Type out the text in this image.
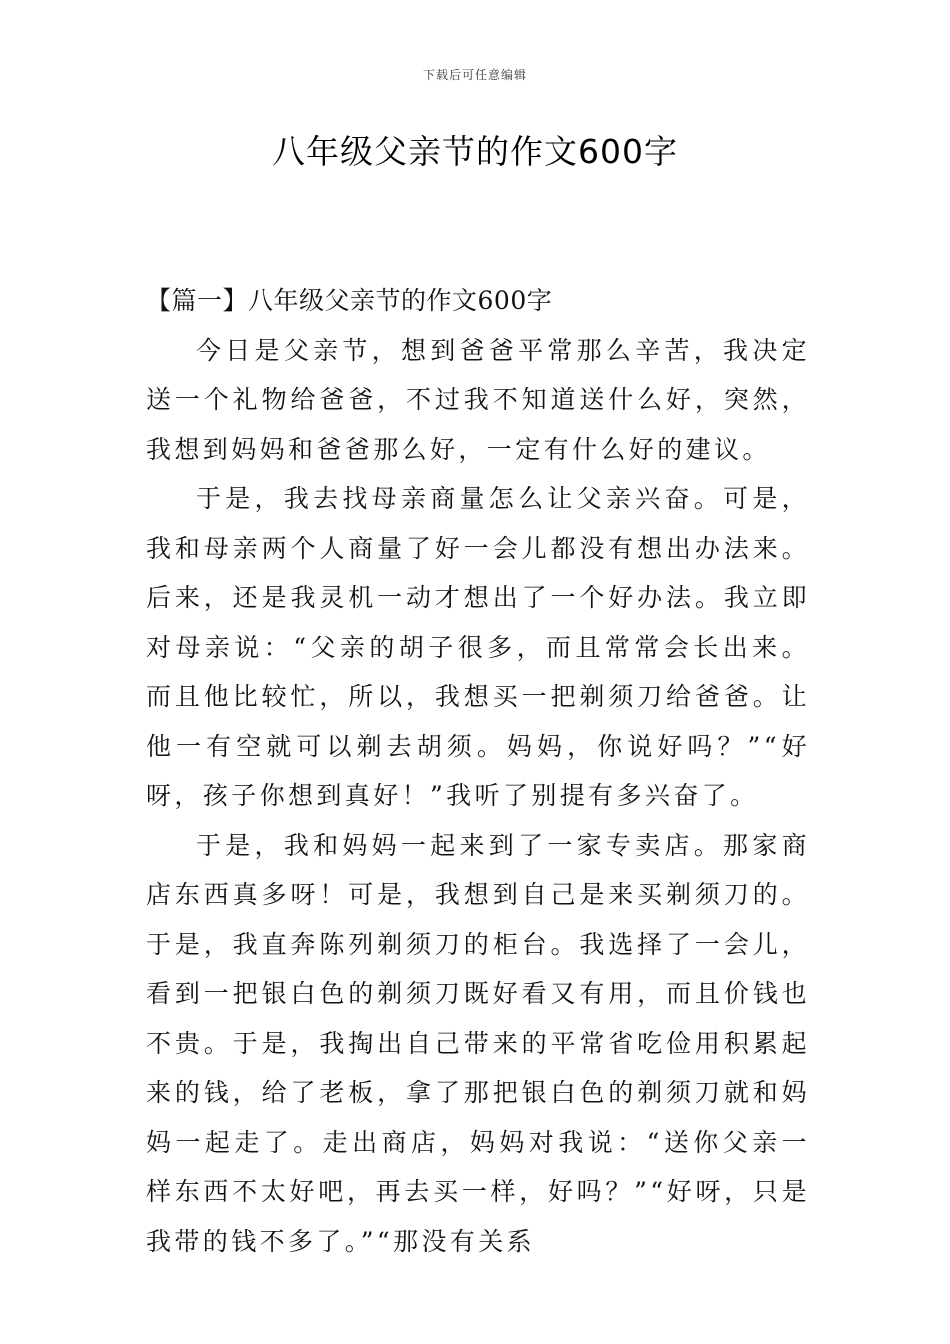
下载后可任意编辑
八年级父亲节的作文600字

【篇一】八年级父亲节的作文600字

今日是父亲节，想到爸爸平常那么辛苦，我决定送一个礼物给爸爸，不过我不知道送什么好，突然，我想到妈妈和爸爸那么好，一定有什么好的建议。

于是，我去找母亲商量怎么让父亲兴奋。可是，我和母亲两个人商量了好一会儿都没有想出办法来。后来，还是我灵机一动才想出了一个好办法。我立即对母亲说：“父亲的胡子很多，而且常常会长出来。而且他比较忙，所以，我想买一把剃须刀给爸爸。让他一有空就可以剃去胡须。妈妈，你说好吗？”“好呀，孩子你想到真好！”我听了别提有多兴奋了。

于是，我和妈妈一起来到了一家专卖店。那家商店东西真多呀！可是，我想到自己是来买剃须刀的。于是，我直奔陈列剃须刀的柜台。我选择了一会儿，看到一把银白色的剃须刀既好看又有用，而且价钱也不贵。于是，我掏出自己带来的平常省吃俭用积累起来的钱，给了老板，拿了那把银白色的剃须刀就和妈妈一起走了。走出商店，妈妈对我说：“送你父亲一样东西不太好吧，再去买一样，好吗？”“好呀，只是我带的钱不多了。”“那没有关系
